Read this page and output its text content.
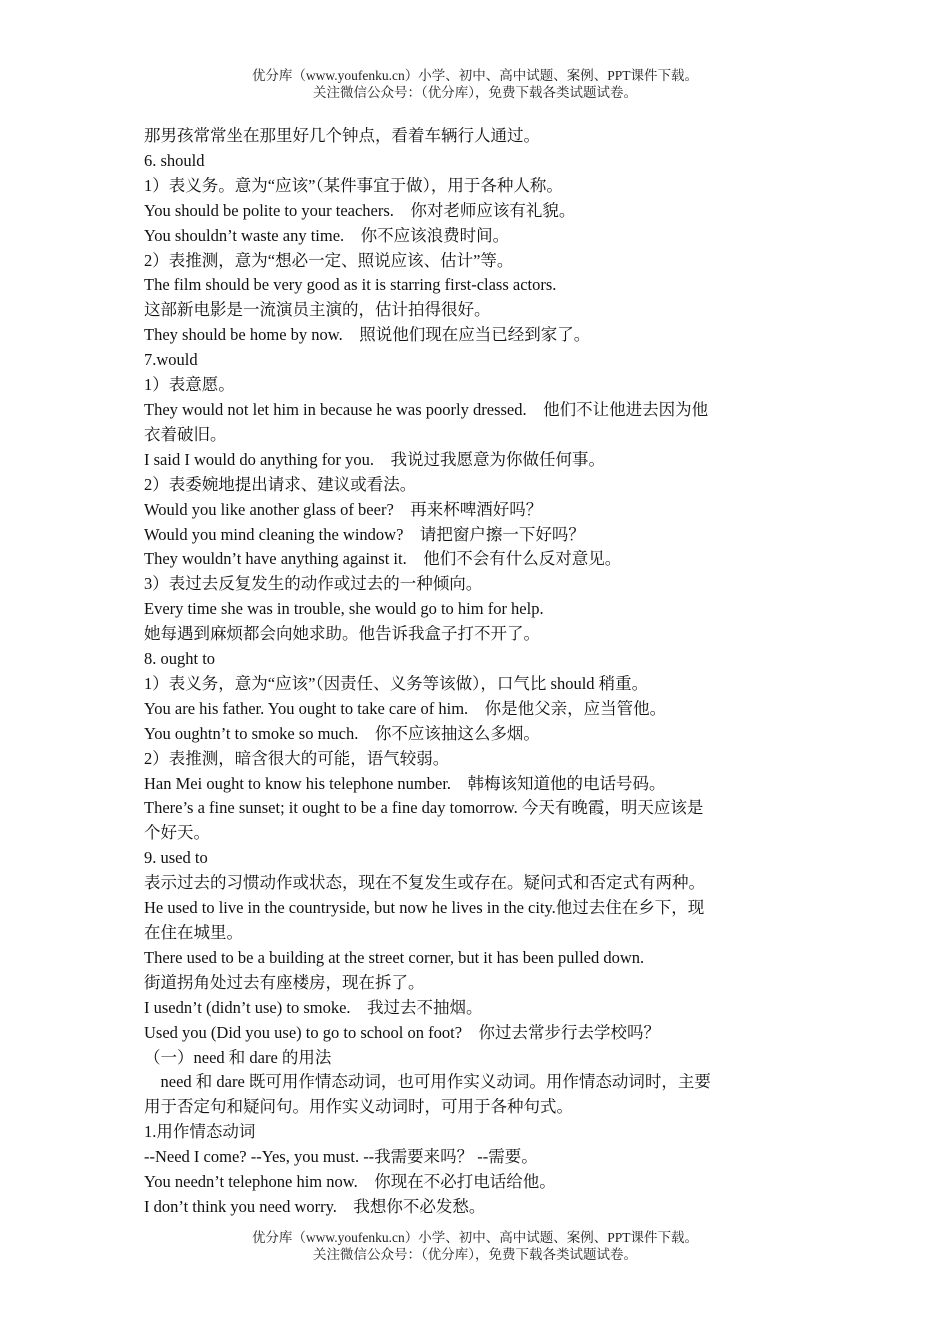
优分库（www.youfenku.cn）小学、初中、高中试题、案例、PPT课件下载。
关注微信公众号：（优分库），免费下载各类试题试卷。
那男孩常常坐在那里好几个钟点，看着车辆行人通过。
6. should
1）表义务。意为“应该”（某件事宜于做），用于各种人称。
You should be polite to your teachers.　你对老师应该有礼貌。
You shouldn’t waste any time.　你不应该浪费时间。
2）表推测，意为“想必一定、照说应该、估计”等。
The film should be very good as it is starring first-class actors.
这部新电影是一流演员主演的，估计拍得很好。
They should be home by now.　照说他们现在应当已经到家了。
7.would
1）表意愿。
They would not let him in because he was poorly dressed.　他们不让他进去因为他
衣着破旧。
I said I would do anything for you.　我说过我愿意为你做任何事。
2）表委婉地提出请求、建议或看法。
Would you like another glass of beer?　再来杯啤酒好吗？
Would you mind cleaning the window?　请把窗户擦一下好吗？
They wouldn’t have anything against it.　他们不会有什么反对意见。
3）表过去反复发生的动作或过去的一种倾向。
Every time she was in trouble, she would go to him for help.
她每遇到麻烦都会向她求助。他告诉我盒子打不开了。
8. ought to
1）表义务，意为“应该”（因责任、义务等该做），口气比 should 稍重。
You are his father. You ought to take care of him.　你是他父亲，应当管他。
You oughtn’t to smoke so much.　你不应该抽这么多烟。
2）表推测，暗含很大的可能，语气较弱。
Han Mei ought to know his telephone number.　韩梅该知道他的电话号码。
There’s a fine sunset; it ought to be a fine day tomorrow. 今天有晚霞，明天应该是
个好天。
9. used to
表示过去的习惯动作或状态，现在不复发生或存在。疑问式和否定式有两种。
He used to live in the countryside, but now he lives in the city.他过去住在乡下，现
在住在城里。
There used to be a building at the street corner, but it has been pulled down.
街道拐角处过去有座楼房，现在拆了。
I usedn’t (didn’t use) to smoke.　我过去不抽烟。
Used you (Did you use) to go to school on foot?　你过去常步行去学校吗？
（一）need 和 dare 的用法
　need 和 dare 既可用作情态动词，也可用作实义动词。用作情态动词时，主要
用于否定句和疑问句。用作实义动词时，可用于各种句式。
1.用作情态动词
--Need I come? --Yes, you must. --我需要来吗？ --需要。
You needn’t telephone him now.　你现在不必打电话给他。
I don’t think you need worry.　我想你不必发愁。
优分库（www.youfenku.cn）小学、初中、高中试题、案例、PPT课件下载。
关注微信公众号：（优分库），免费下载各类试题试卷。
